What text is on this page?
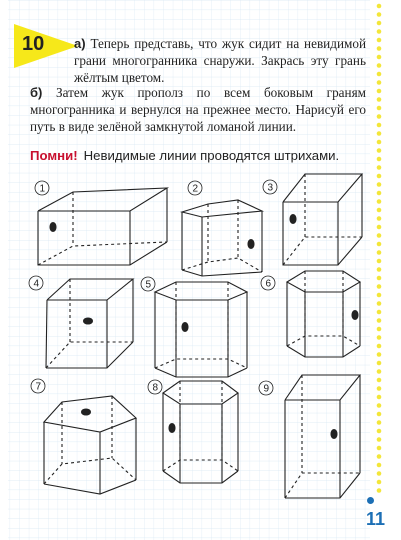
10 а) Теперь представь, что жук сидит на невидимой грани многогранника снаружи. Закрась эту грань жёлтым цветом.
б) Затем жук прополз по всем боковым граням многогранника и вернулся на прежнее место. Нарисуй его путь в виде зелёной замкнутой ломаной линии.
Помни! Невидимые линии проводятся штрихами.
1	2	3
4	5	6
7	8	9
11
